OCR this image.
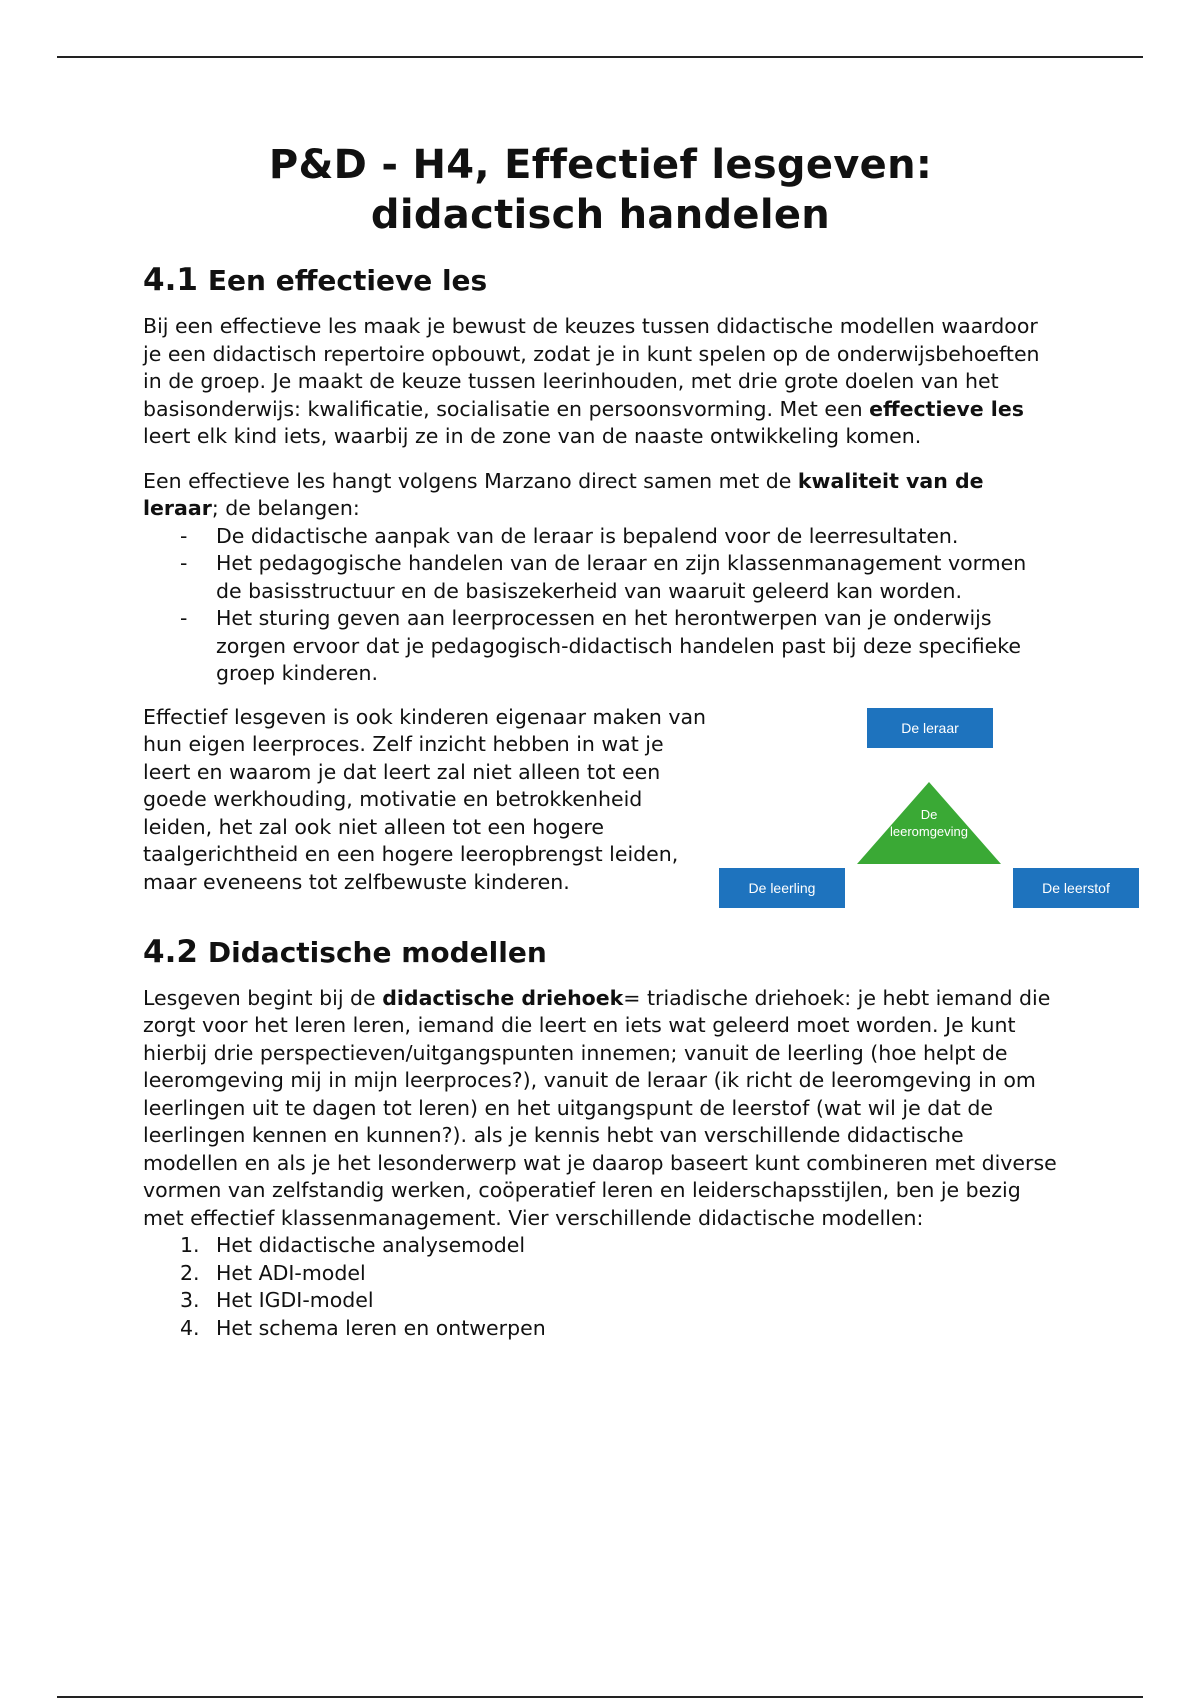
P&D - H4, Effectief lesgeven:
didactisch handelen
4.1 Een effectieve les

Bij een effectieve les maak je bewust de keuzes tussen didactische modellen waardoor je een didactisch repertoire opbouwt, zodat je in kunt spelen op de onderwijsbehoeften in de groep. Je maakt de keuze tussen leerinhouden, met drie grote doelen van het basisonderwijs: kwalificatie, socialisatie en persoonsvorming. Met een effectieve les leert elk kind iets, waarbij ze in de zone van de naaste ontwikkeling komen.

Een effectieve les hangt volgens Marzano direct samen met de kwaliteit van de leraar; de belangen:

- De didactische aanpak van de leraar is bepalend voor de leerresultaten.
- Het pedagogische handelen van de leraar en zijn klassenmanagement vormen de basisstructuur en de basiszekerheid van waaruit geleerd kan worden.
- Het sturing geven aan leerprocessen en het herontwerpen van je onderwijs zorgen ervoor dat je pedagogisch-didactisch handelen past bij deze specifieke groep kinderen.

Effectief lesgeven is ook kinderen eigenaar maken van hun eigen leerproces. Zelf inzicht hebben in wat je leert en waarom je dat leert zal niet alleen tot een goede werkhouding, motivatie en betrokkenheid leiden, het zal ook niet alleen tot een hogere taalgerichtheid en een hogere leeropbrengst leiden, maar eveneens tot zelfbewuste kinderen.

De leraar
De
leeromgeving
De leerling	De leerstof
4.2 Didactische modellen

Lesgeven begint bij de didactische driehoek= triadische driehoek: je hebt iemand die zorgt voor het leren leren, iemand die leert en iets wat geleerd moet worden. Je kunt hierbij drie perspectieven/uitgangspunten innemen; vanuit de leerling (hoe helpt de leeromgeving mij in mijn leerproces?), vanuit de leraar (ik richt de leeromgeving in om leerlingen uit te dagen tot leren) en het uitgangspunt de leerstof (wat wil je dat de leerlingen kennen en kunnen?). als je kennis hebt van verschillende didactische modellen en als je het lesonderwerp wat je daarop baseert kunt combineren met diverse vormen van zelfstandig werken, coöperatief leren en leiderschapsstijlen, ben je bezig met effectief klassenmanagement. Vier verschillende didactische modellen:

1. Het didactische analysemodel
2. Het ADI-model
3. Het IGDI-model
4. Het schema leren en ontwerpen
